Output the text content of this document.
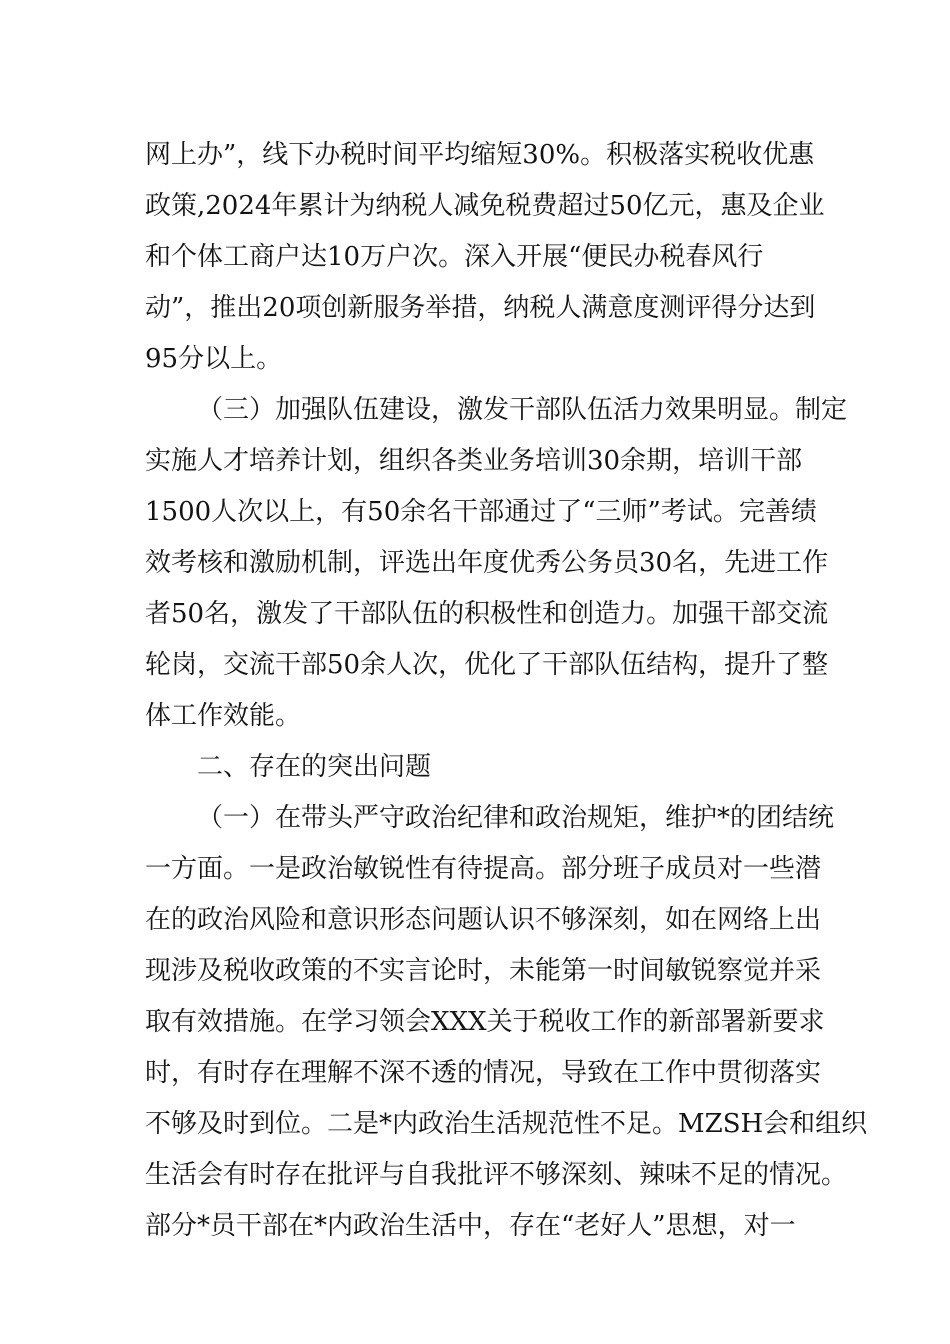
网上办”，线下办税时间平均缩短30%。积极落实税收优惠
政策,2024年累计为纳税人减免税费超过50亿元，惠及企业
和个体工商户达10万户次。深入开展“便民办税春风行
动”，推出20项创新服务举措，纳税人满意度测评得分达到
95分以上。
（三）加强队伍建设，激发干部队伍活力效果明显。制定
实施人才培养计划，组织各类业务培训30余期，培训干部
1500人次以上，有50余名干部通过了“三师”考试。完善绩
效考核和激励机制，评选出年度优秀公务员30名，先进工作
者50名，激发了干部队伍的积极性和创造力。加强干部交流
轮岗，交流干部50余人次，优化了干部队伍结构，提升了整
体工作效能。
二、存在的突出问题
（一）在带头严守政治纪律和政治规矩，维护*的团结统
一方面。一是政治敏锐性有待提高。部分班子成员对一些潜
在的政治风险和意识形态问题认识不够深刻，如在网络上出
现涉及税收政策的不实言论时，未能第一时间敏锐察觉并采
取有效措施。在学习领会XXX关于税收工作的新部署新要求
时，有时存在理解不深不透的情况，导致在工作中贯彻落实
不够及时到位。二是*内政治生活规范性不足。MZSH会和组织
生活会有时存在批评与自我批评不够深刻、辣味不足的情况。
部分*员干部在*内政治生活中，存在“老好人”思想，对一
